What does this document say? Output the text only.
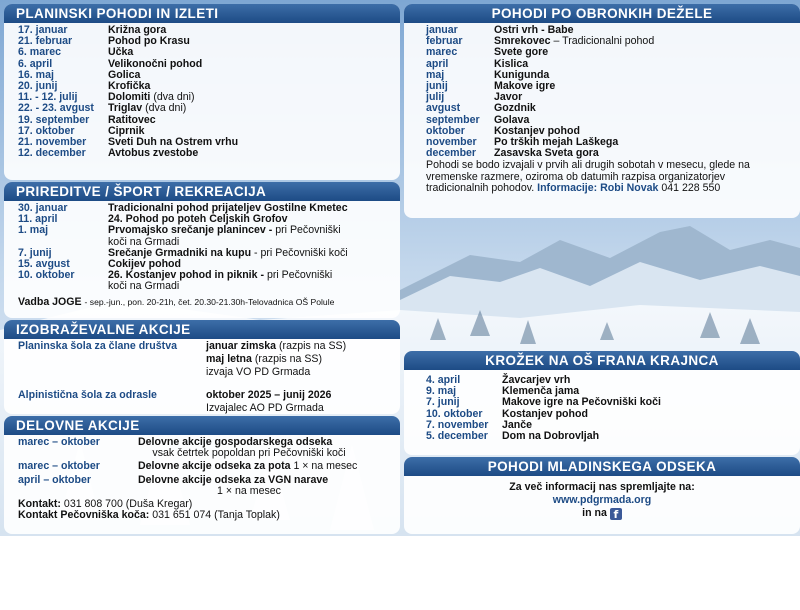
PLANINSKI POHODI IN IZLETI
17. januar	Križna gora
21. februar	Pohod po Krasu
6. marec	Učka
6. april	Velikonočni pohod
16. maj	Golica
20. junij	Krofička
11. - 12. julij	Dolomiti (dva dni)
22. - 23. avgust	Triglav (dva dni)
19. september	Ratitovec
17. oktober	Ciprnik
21. november	Sveti Duh na Ostrem vrhu
12. december	Avtobus zvestobe
POHODI PO OBRONKIH DEŽELE
januar	Ostri vrh - Babe
februar	Smrekovec – Tradicionalni pohod
marec	Svete gore
april	Kislica
maj	Kunigunda
junij	Makove igre
julij	Javor
avgust	Gozdnik
september	Golava
oktober	Kostanjev pohod
november	Po trških mejah Laškega
december	Zasavska Sveta gora
Pohodi se bodo izvajali v prvih ali drugih sobotah v mesecu, glede na vremenske razmere, oziroma ob datumih razpisa organizatorjev tradicionalnih pohodov. Informacije: Robi Novak 041 228 550
PRIREDITVE / ŠPORT / REKREACIJA
30. januar	Tradicionalni pohod prijateljev Gostilne Kmetec
11. april	24. Pohod po poteh Celjskih Grofov
1. maj	Prvomajsko srečanje planincev - pri Pečovniški
koči na Grmadi
7. junij	Srečanje Grmadniki na kupu - pri Pečovniški koči
15. avgust	Cokijev pohod
10. oktober	26. Kostanjev pohod in piknik - pri Pečovniški
koči na Grmadi
Vadba JOGE - sep.-jun., pon. 20-21h, čet. 20.30-21.30h-Telovadnica OŠ Polule
IZOBRAŽEVALNE AKCIJE
Planinska šola za člane društva	januar zimska (razpis na SS)
maj letna (razpis na SS)
izvaja VO PD Grmada
Alpinistična šola za odrasle	oktober 2025 – junij 2026
Izvajalec AO PD Grmada
DELOVNE AKCIJE
marec – oktober	Delovne akcije gospodarskega odseka
vsak četrtek popoldan pri Pečovniški koči
marec – oktober	Delovne akcije odseka za pota 1 × na mesec
april – oktober	Delovne akcije odseka za VGN narave
1 × na mesec
Kontakt: 031 808 700 (Duša Kregar)
Kontakt Pečovniška koča: 031 651 074 (Tanja Toplak)
KROŽEK NA OŠ FRANA KRAJNCA
4. april	Žavcarjev vrh
9. maj	Klemenča jama
7. junij	Makove igre na Pečovniški koči
10. oktober	Kostanjev pohod
7. november	Janče
5. december	Dom na Dobrovljah
POHODI MLADINSKEGA ODSEKA
Za več informacij nas spremljajte na:
www.pdgrmada.org
in na f
